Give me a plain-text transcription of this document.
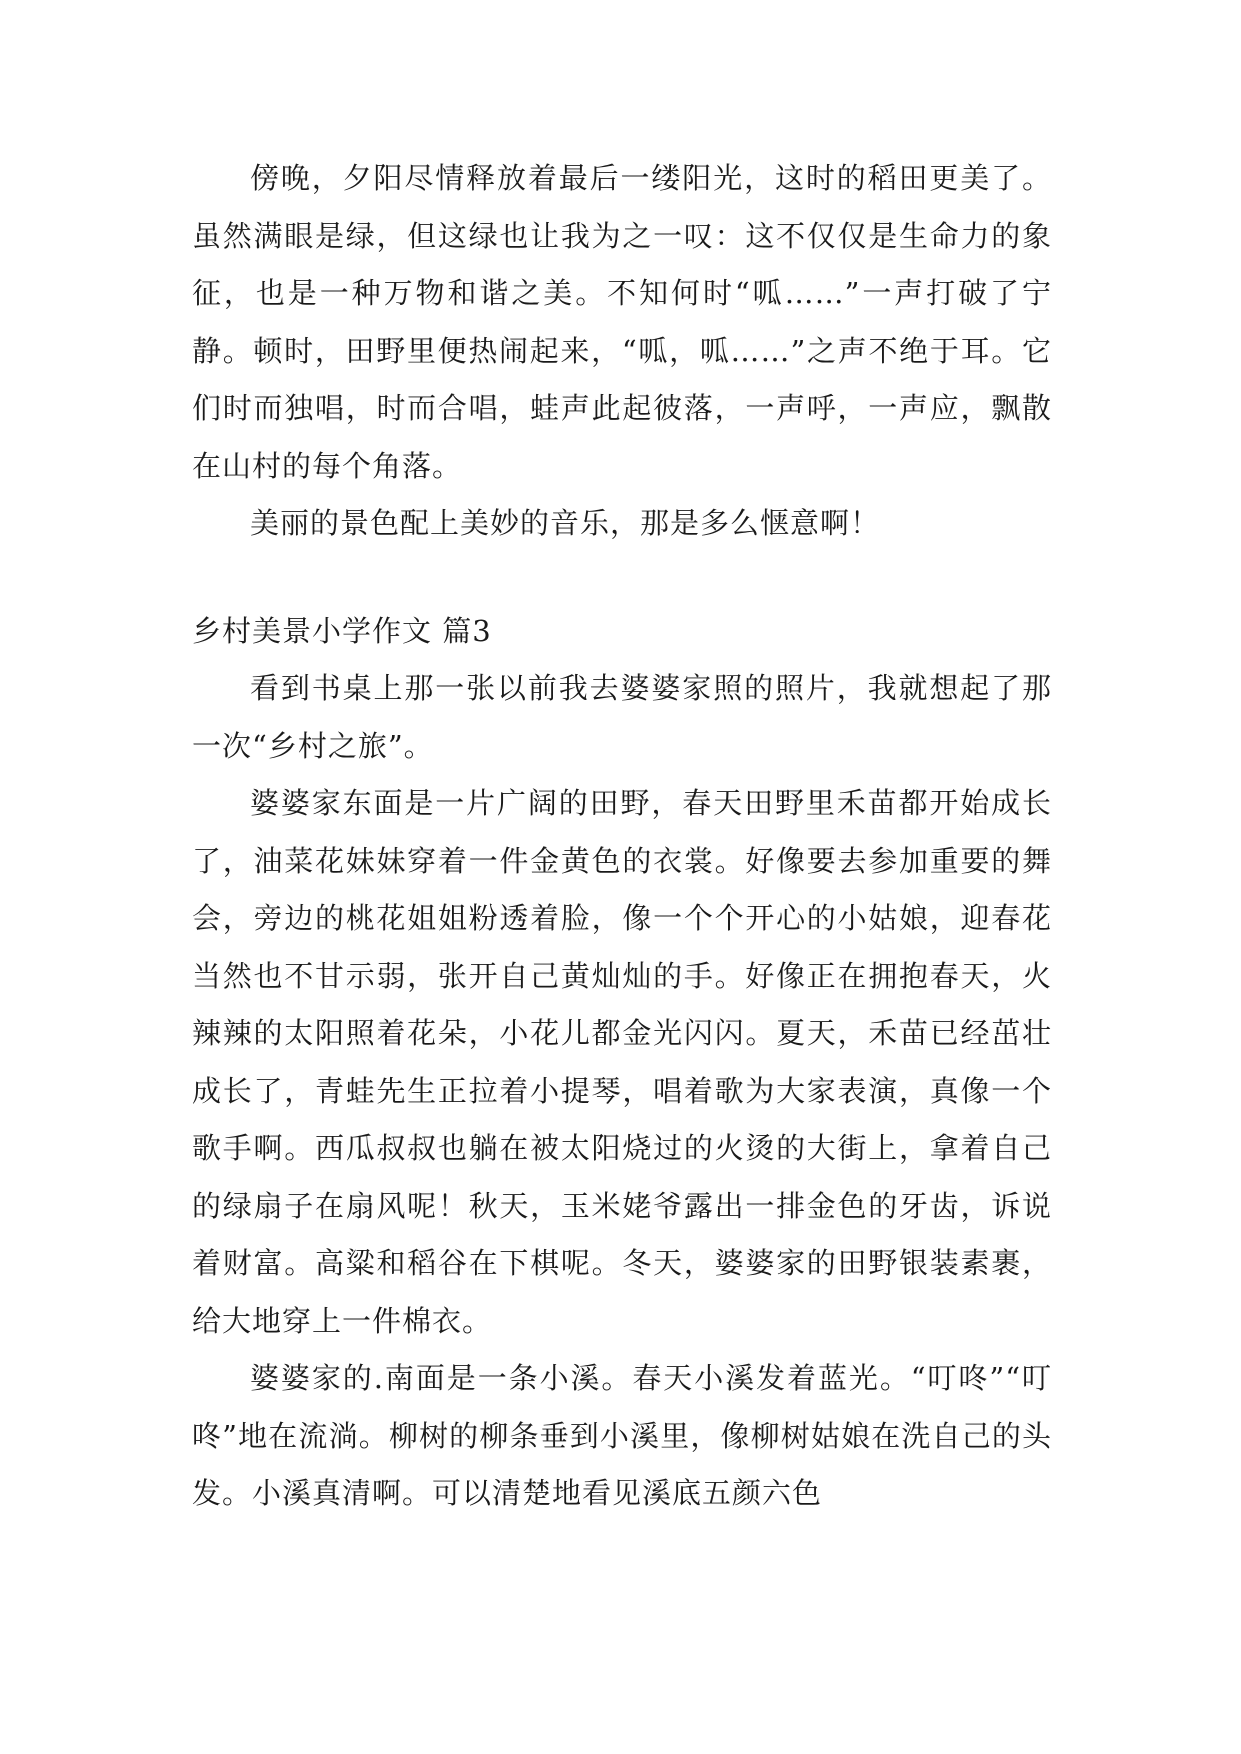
傍晚，夕阳尽情释放着最后一缕阳光，这时的稻田更美了。虽然满眼是绿，但这绿也让我为之一叹：这不仅仅是生命力的象征，也是一种万物和谐之美。不知何时“呱……”一声打破了宁静。顿时，田野里便热闹起来，“呱，呱……”之声不绝于耳。它们时而独唱，时而合唱，蛙声此起彼落，一声呼，一声应，飘散在山村的每个角落。

美丽的景色配上美妙的音乐，那是多么惬意啊！

乡村美景小学作文 篇3

看到书桌上那一张以前我去婆婆家照的照片，我就想起了那一次“乡村之旅”。

婆婆家东面是一片广阔的田野，春天田野里禾苗都开始成长了，油菜花妹妹穿着一件金黄色的衣裳。好像要去参加重要的舞会，旁边的桃花姐姐粉透着脸，像一个个开心的小姑娘，迎春花当然也不甘示弱，张开自己黄灿灿的手。好像正在拥抱春天，火辣辣的太阳照着花朵，小花儿都金光闪闪。夏天，禾苗已经茁壮成长了，青蛙先生正拉着小提琴，唱着歌为大家表演，真像一个歌手啊。西瓜叔叔也躺在被太阳烧过的火烫的大街上，拿着自己的绿扇子在扇风呢！秋天，玉米姥爷露出一排金色的牙齿，诉说着财富。高粱和稻谷在下棋呢。冬天，婆婆家的田野银装素裹，给大地穿上一件棉衣。

婆婆家的.南面是一条小溪。春天小溪发着蓝光。“叮咚”“叮咚”地在流淌。柳树的柳条垂到小溪里，像柳树姑娘在洗自己的头发。小溪真清啊。可以清楚地看见溪底五颜六色
